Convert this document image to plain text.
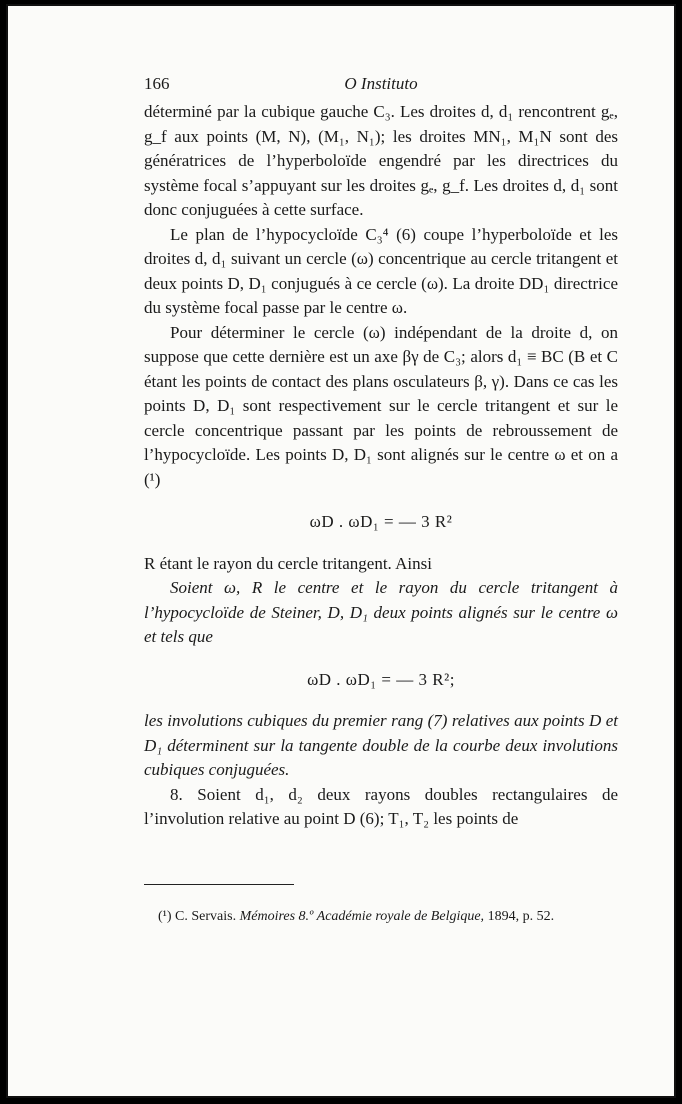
166	O Instituto

déterminé par la cubique gauche C₃. Les droites d, d₁ rencontrent gₑ, g_f aux points (M, N), (M₁, N₁); les droites MN₁, M₁N sont des génératrices de l’hyperboloïde engendré par les directrices du système focal s’appuyant sur les droites gₑ, g_f. Les droites d, d₁ sont donc conjuguées à cette surface.

Le plan de l’hypocycloïde C₃⁴ (6) coupe l’hyperboloïde et les droites d, d₁ suivant un cercle (ω) concentrique au cercle tritangent et deux points D, D₁ conjugués à ce cercle (ω). La droite DD₁ directrice du système focal passe par le centre ω.

Pour déterminer le cercle (ω) indépendant de la droite d, on suppose que cette dernière est un axe βγ de C₃; alors d₁ ≡ BC (B et C étant les points de contact des plans osculateurs β, γ). Dans ce cas les points D, D₁ sont respectivement sur le cercle tritangent et sur le cercle concentrique passant par les points de rebroussement de l’hypocycloïde. Les points D, D₁ sont alignés sur le centre ω et on a (¹)

ωD . ωD₁ = — 3 R²

R étant le rayon du cercle tritangent. Ainsi

Soient ω, R le centre et le rayon du cercle tritangent à l’hypocycloïde de Steiner, D, D₁ deux points alignés sur le centre ω et tels que

ωD . ωD₁ = — 3 R²;

les involutions cubiques du premier rang (7) relatives aux points D et D₁ déterminent sur la tangente double de la courbe deux involutions cubiques conjuguées.

8. Soient d₁, d₂ deux rayons doubles rectangulaires de l’involution relative au point D (6); T₁, T₂ les points de

(¹) C. Servais. Mémoires 8.º Académie royale de Belgique, 1894, p. 52.
